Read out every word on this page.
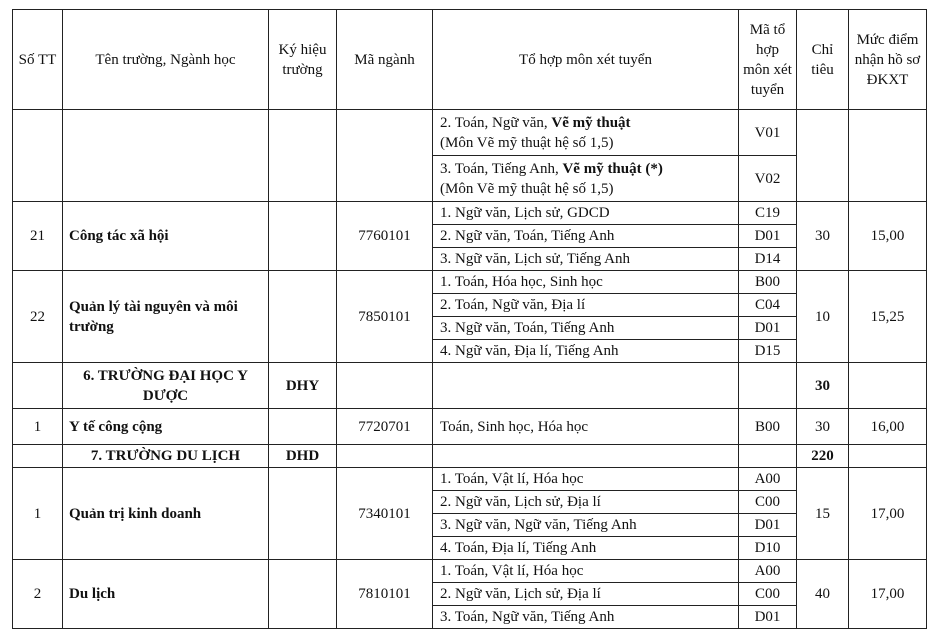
Số TT	Tên trường, Ngành học	Ký hiệu trường	Mã ngành	Tổ hợp môn xét tuyển	Mã tổ hợp môn xét tuyển	Chỉ tiêu	Mức điểm nhận hồ sơ ĐKXT
				2. Toán, Ngữ văn, Vẽ mỹ thuật
(Môn Vẽ mỹ thuật hệ số 1,5)	V01		
				3. Toán, Tiếng Anh, Vẽ mỹ thuật (*)
(Môn Vẽ mỹ thuật hệ số 1,5)	V02		
21	Công tác xã hội		7760101	1. Ngữ văn, Lịch sử, GDCD	C19	30	15,00
				2. Ngữ văn, Toán, Tiếng Anh	D01		
				3. Ngữ văn, Lịch sử, Tiếng Anh	D14		
22	Quản lý tài nguyên và môi trường		7850101	1. Toán, Hóa học, Sinh học	B00	10	15,25
				2. Toán, Ngữ văn, Địa lí	C04		
				3. Ngữ văn, Toán, Tiếng Anh	D01		
				4. Ngữ văn, Địa lí, Tiếng Anh	D15		
	6. TRƯỜNG ĐẠI HỌC Y DƯỢC	DHY				30	
1	Y tế công cộng		7720701	Toán, Sinh học, Hóa học	B00	30	16,00
	7. TRƯỜNG DU LỊCH	DHD				220	
1	Quản trị kinh doanh		7340101	1. Toán, Vật lí, Hóa học	A00	15	17,00
				2. Ngữ văn, Lịch sử, Địa lí	C00		
				3. Ngữ văn, Ngữ văn, Tiếng Anh	D01		
				4. Toán, Địa lí, Tiếng Anh	D10		
2	Du lịch		7810101	1. Toán, Vật lí, Hóa học	A00	40	17,00
				2. Ngữ văn, Lịch sử, Địa lí	C00		
				3. Toán, Ngữ văn, Tiếng Anh	D01		
